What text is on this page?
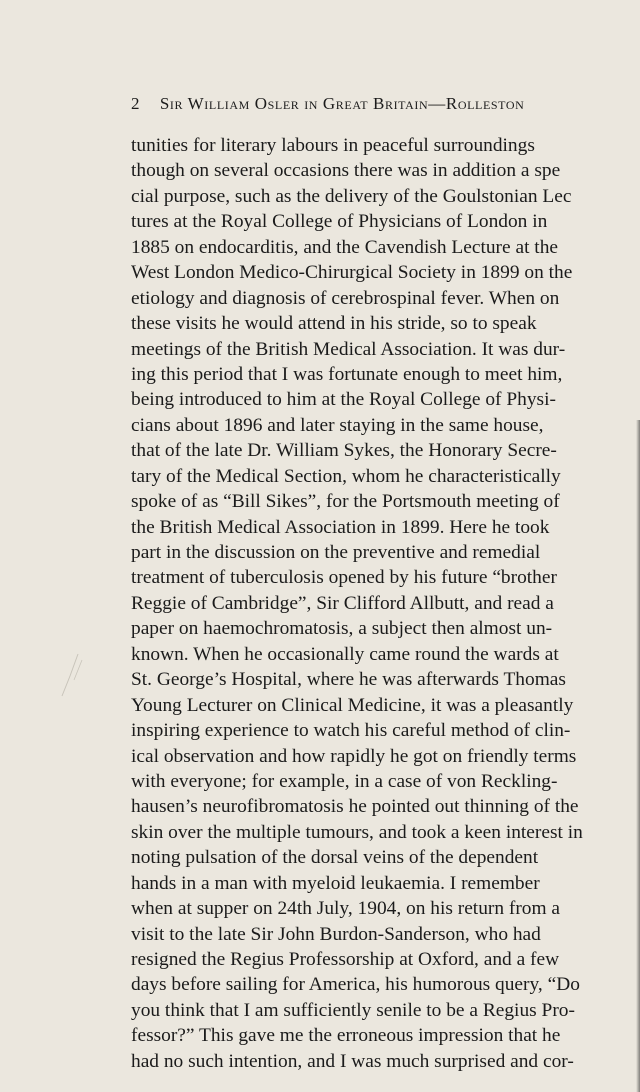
2 Sir William Osler in Great Britain—Rolleston
tunities for literary labours in peaceful surroundings
though on several occasions there was in addition a spe
cial purpose, such as the delivery of the Goulstonian Lec
tures at the Royal College of Physicians of London in
1885 on endocarditis, and the Cavendish Lecture at the
West London Medico-Chirurgical Society in 1899 on the
etiology and diagnosis of cerebrospinal fever. When on
these visits he would attend in his stride, so to speak
meetings of the British Medical Association. It was dur-
ing this period that I was fortunate enough to meet him,
being introduced to him at the Royal College of Physi-
cians about 1896 and later staying in the same house,
that of the late Dr. William Sykes, the Honorary Secre-
tary of the Medical Section, whom he characteristically
spoke of as “Bill Sikes”, for the Portsmouth meeting of
the British Medical Association in 1899. Here he took
part in the discussion on the preventive and remedial
treatment of tuberculosis opened by his future “brother
Reggie of Cambridge”, Sir Clifford Allbutt, and read a
paper on haemochromatosis, a subject then almost un-
known. When he occasionally came round the wards at
St. George’s Hospital, where he was afterwards Thomas
Young Lecturer on Clinical Medicine, it was a pleasantly
inspiring experience to watch his careful method of clin-
ical observation and how rapidly he got on friendly terms
with everyone; for example, in a case of von Reckling-
hausen’s neurofibromatosis he pointed out thinning of the
skin over the multiple tumours, and took a keen interest in
noting pulsation of the dorsal veins of the dependent
hands in a man with myeloid leukaemia. I remember
when at supper on 24th July, 1904, on his return from a
visit to the late Sir John Burdon-Sanderson, who had
resigned the Regius Professorship at Oxford, and a few
days before sailing for America, his humorous query, “Do
you think that I am sufficiently senile to be a Regius Pro-
fessor?” This gave me the erroneous impression that he
had no such intention, and I was much surprised and cor-
